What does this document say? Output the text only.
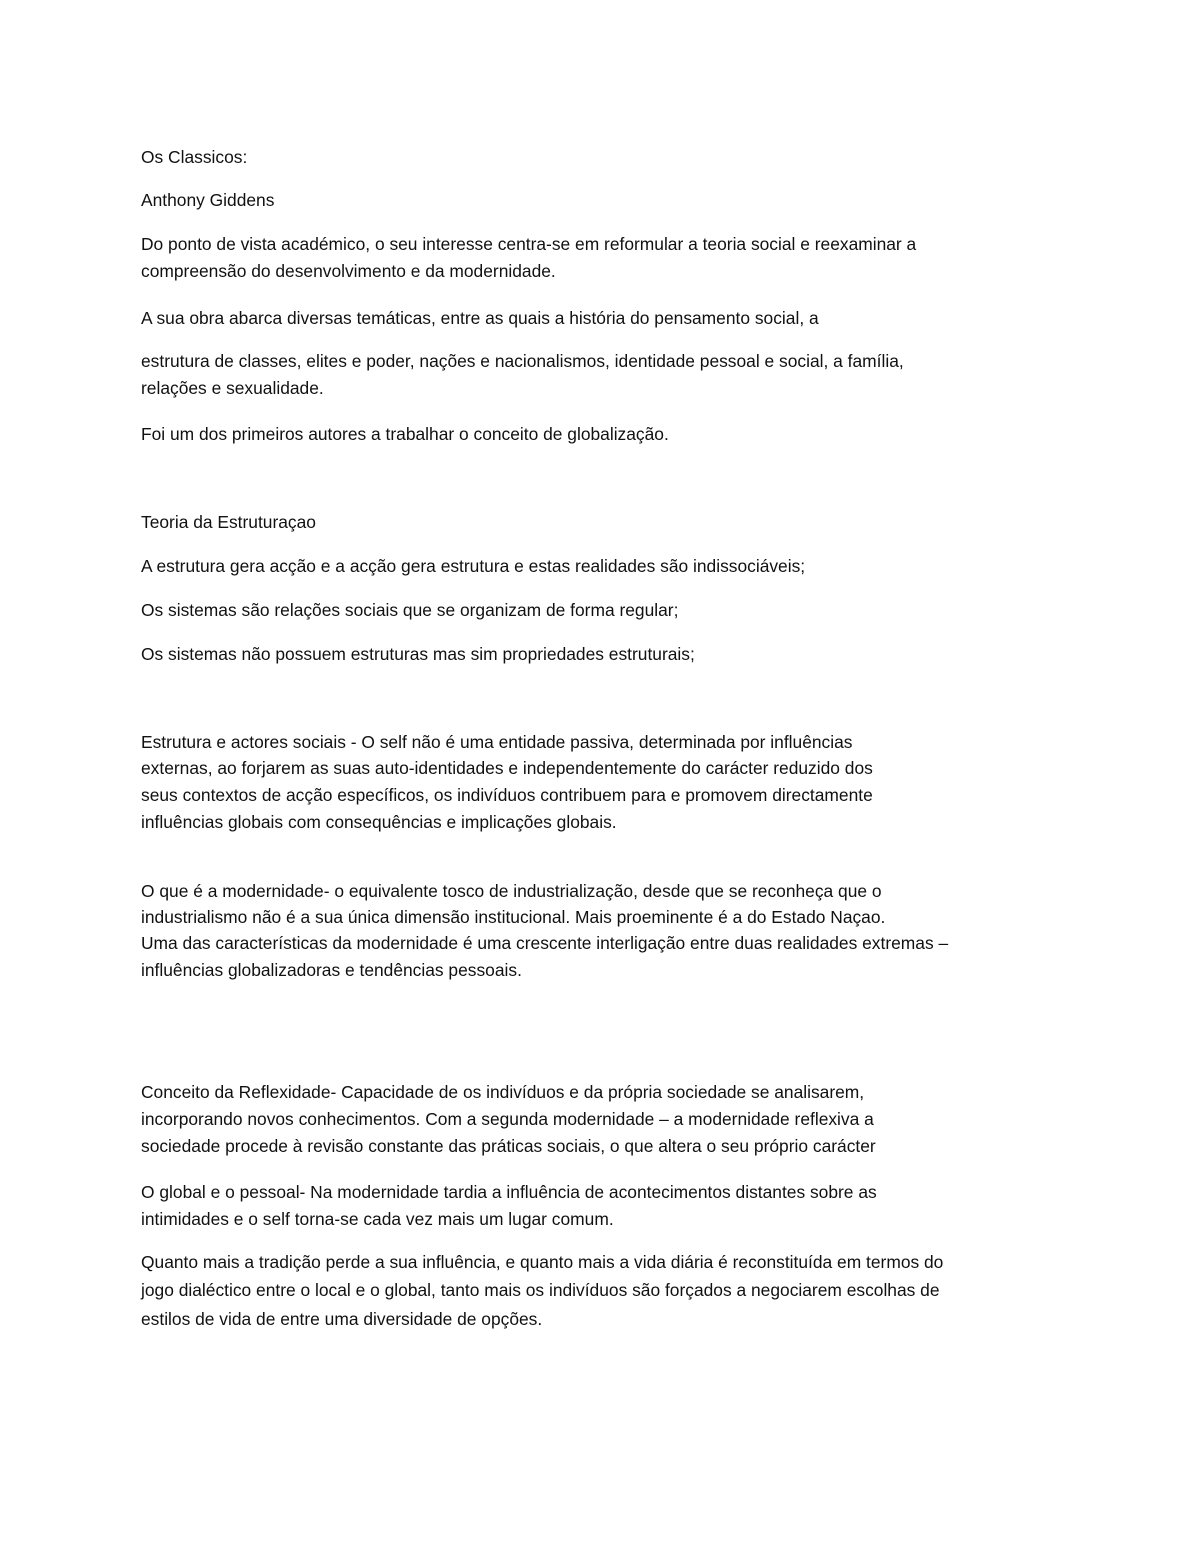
Os Classicos:
Anthony Giddens
Do ponto de vista académico, o seu interesse centra-se em reformular a teoria social e reexaminar a
compreensão do desenvolvimento e da modernidade.
A sua obra abarca diversas temáticas, entre as quais a história do pensamento social, a
estrutura de classes, elites e poder, nações e nacionalismos, identidade pessoal e social, a família,
relações e sexualidade.
Foi um dos primeiros autores a trabalhar o conceito de globalização.
Teoria da Estruturaçao
A estrutura gera acção e a acção gera estrutura e estas realidades são indissociáveis;
Os sistemas são relações sociais que se organizam de forma regular;
Os sistemas não possuem estruturas mas sim propriedades estruturais;
Estrutura e actores sociais - O self não é uma entidade passiva, determinada por influências
externas, ao forjarem as suas auto-identidades e independentemente do carácter reduzido dos
seus contextos de acção específicos, os indivíduos contribuem para e promovem directamente
influências globais com consequências e implicações globais.
O que é a modernidade- o equivalente tosco de industrialização, desde que se reconheça que o
industrialismo não é a sua única dimensão institucional. Mais proeminente é a do Estado Naçao.
Uma das características da modernidade é uma crescente interligação entre duas realidades extremas –
influências globalizadoras e tendências pessoais.
Conceito da Reflexidade- Capacidade de os indivíduos e da própria sociedade se analisarem,
incorporando novos conhecimentos. Com a segunda modernidade – a modernidade reflexiva a
sociedade procede à revisão constante das práticas sociais, o que altera o seu próprio carácter
O global e o pessoal- Na modernidade tardia a influência de acontecimentos distantes sobre as
intimidades e o self torna-se cada vez mais um lugar comum.
Quanto mais a tradição perde a sua influência, e quanto mais a vida diária é reconstituída em termos do
jogo dialéctico entre o local e o global, tanto mais os indivíduos são forçados a negociarem escolhas de
estilos de vida de entre uma diversidade de opções.
